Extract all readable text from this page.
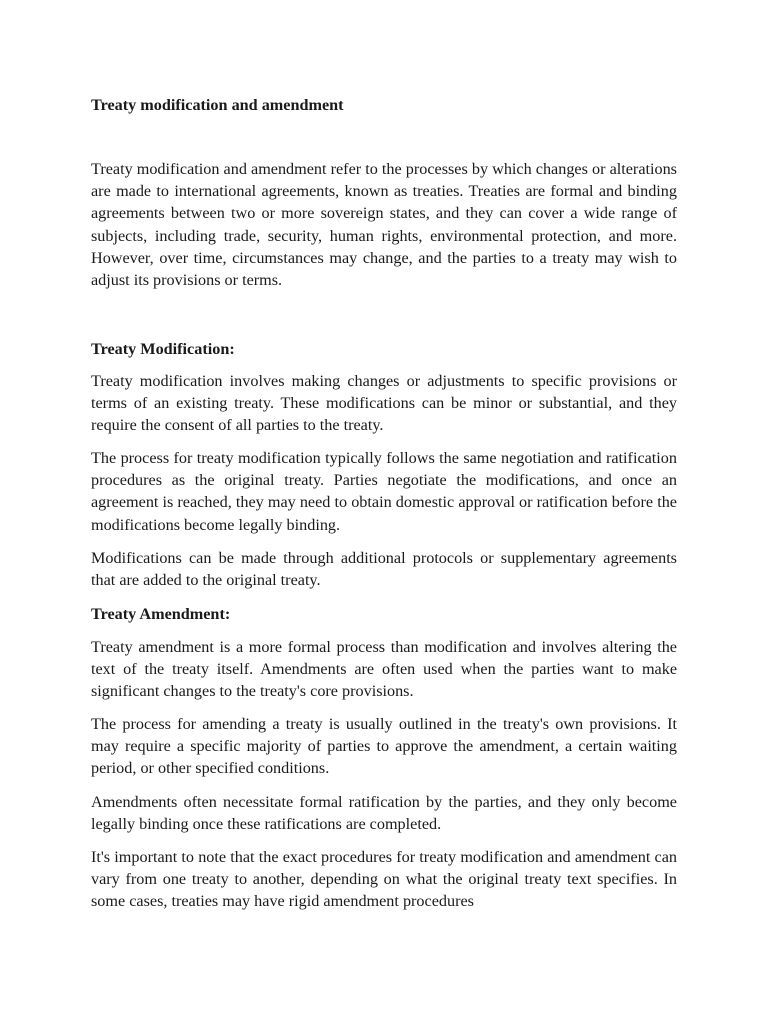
Treaty modification and amendment

Treaty modification and amendment refer to the processes by which changes or alterations are made to international agreements, known as treaties. Treaties are formal and binding agreements between two or more sovereign states, and they can cover a wide range of subjects, including trade, security, human rights, environmental protection, and more. However, over time, circumstances may change, and the parties to a treaty may wish to adjust its provisions or terms.

Treaty Modification:

Treaty modification involves making changes or adjustments to specific provisions or terms of an existing treaty. These modifications can be minor or substantial, and they require the consent of all parties to the treaty.

The process for treaty modification typically follows the same negotiation and ratification procedures as the original treaty. Parties negotiate the modifications, and once an agreement is reached, they may need to obtain domestic approval or ratification before the modifications become legally binding.

Modifications can be made through additional protocols or supplementary agreements that are added to the original treaty.

Treaty Amendment:

Treaty amendment is a more formal process than modification and involves altering the text of the treaty itself. Amendments are often used when the parties want to make significant changes to the treaty's core provisions.

The process for amending a treaty is usually outlined in the treaty's own provisions. It may require a specific majority of parties to approve the amendment, a certain waiting period, or other specified conditions.

Amendments often necessitate formal ratification by the parties, and they only become legally binding once these ratifications are completed.

It's important to note that the exact procedures for treaty modification and amendment can vary from one treaty to another, depending on what the original treaty text specifies. In some cases, treaties may have rigid amendment procedures
